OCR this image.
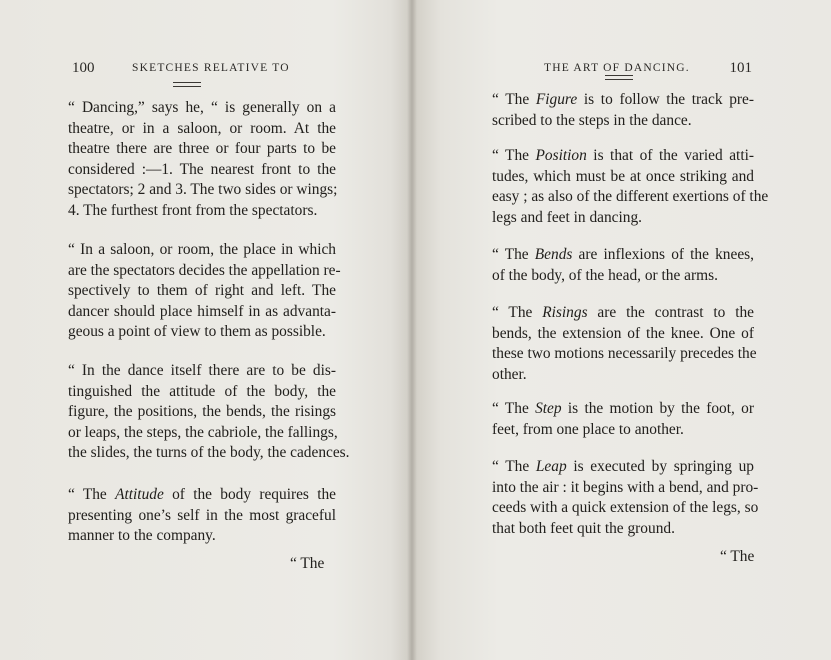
100	SKETCHES RELATIVE TO
“ Dancing,” says he, “ is generally on a
theatre, or in a saloon, or room. At the
theatre there are three or four parts to be
considered :—1. The nearest front to the
spectators; 2 and 3. The two sides or wings;
4. The furthest front from the spectators.
“ In a saloon, or room, the place in which
are the spectators decides the appellation re-
spectively to them of right and left. The
dancer should place himself in as advanta-
geous a point of view to them as possible.
“ In the dance itself there are to be dis-
tinguished the attitude of the body, the
figure, the positions, the bends, the risings
or leaps, the steps, the cabriole, the fallings,
the slides, the turns of the body, the cadences.
“ The Attitude of the body requires the
presenting one’s self in the most graceful
manner to the company.
“ The
THE ART OF DANCING.	101
“ The Figure is to follow the track pre-
scribed to the steps in the dance.
“ The Position is that of the varied atti-
tudes, which must be at once striking and
easy ; as also of the different exertions of the
legs and feet in dancing.
“ The Bends are inflexions of the knees,
of the body, of the head, or the arms.
“ The Risings are the contrast to the
bends, the extension of the knee. One of
these two motions necessarily precedes the
other.
“ The Step is the motion by the foot, or
feet, from one place to another.
“ The Leap is executed by springing up
into the air : it begins with a bend, and pro-
ceeds with a quick extension of the legs, so
that both feet quit the ground.
“ The
